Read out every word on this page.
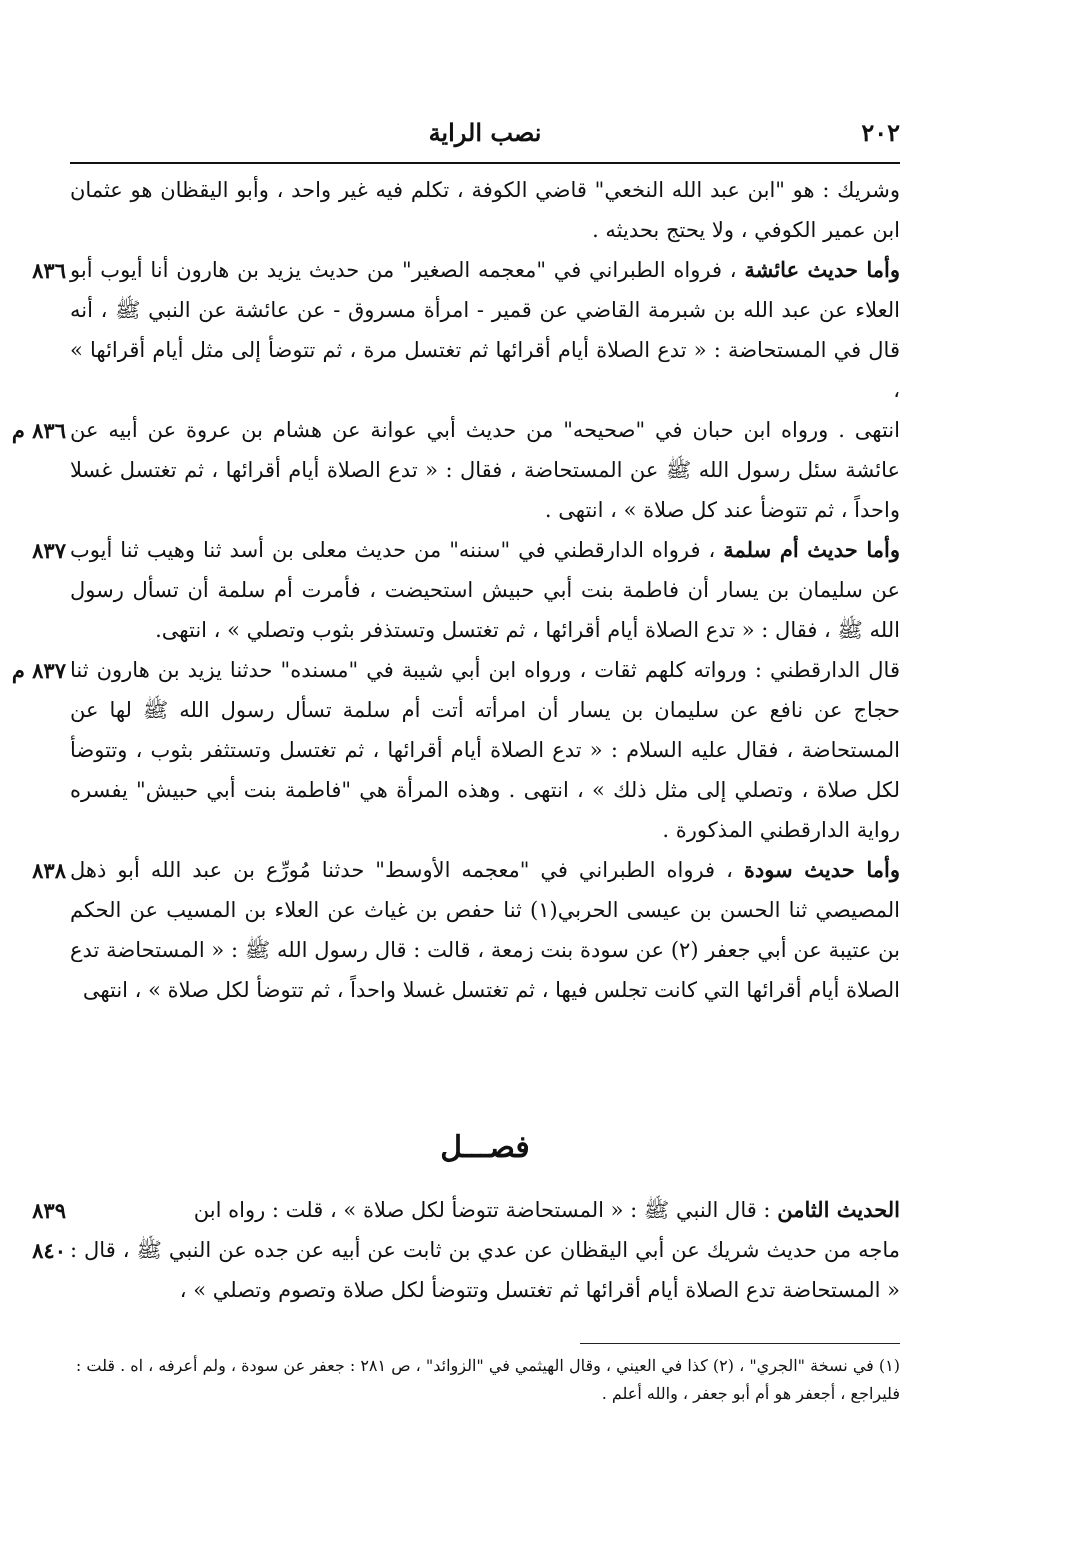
٢٠٢
نصب الراية

وشريك : هو "ابن عبد الله النخعي" قاضي الكوفة ، تكلم فيه غير واحد ، وأبو اليقظان هو عثمان ابن عمير الكوفي ، ولا يحتج بحديثه .

٨٣٦	وأما حديث عائشة ، فرواه الطبراني في "معجمه الصغير" من حديث يزيد بن هارون أنا أيوب أبو العلاء عن عبد الله بن شبرمة القاضي عن قمير - امرأة مسروق - عن عائشة عن النبي ﷺ ، أنه قال في المستحاضة : « تدع الصلاة أيام أقرائها ثم تغتسل مرة ، ثم تتوضأ إلى مثل أيام أقرائها » ،

٨٣٦ م انتهى . ورواه ابن حبان في "صحيحه" من حديث أبي عوانة عن هشام بن عروة عن أبيه عن عائشة سئل رسول الله ﷺ عن المستحاضة ، فقال : « تدع الصلاة أيام أقرائها ، ثم تغتسل غسلا واحداً ، ثم تتوضأ عند كل صلاة » ، انتهى .

٨٣٧	وأما حديث أم سلمة ، فرواه الدارقطني في "سننه" من حديث معلى بن أسد ثنا وهيب ثنا أيوب عن سليمان بن يسار أن فاطمة بنت أبي حبيش استحيضت ، فأمرت أم سلمة أن تسأل رسول الله ﷺ ، فقال : « تدع الصلاة أيام أقرائها ، ثم تغتسل وتستذفر بثوب وتصلي » ، انتهى.

٨٣٧ م قال الدارقطني : ورواته كلهم ثقات ، ورواه ابن أبي شيبة في "مسنده" حدثنا يزيد بن هارون ثنا حجاج عن نافع عن سليمان بن يسار أن امرأته أتت أم سلمة تسأل رسول الله ﷺ لها عن المستحاضة ، فقال عليه السلام : « تدع الصلاة أيام أقرائها ، ثم تغتسل وتستثفر بثوب ، وتتوضأ لكل صلاة ، وتصلي إلى مثل ذلك » ، انتهى . وهذه المرأة هي "فاطمة بنت أبي حبيش" يفسره رواية الدارقطني المذكورة .

٨٣٨	وأما حديث سودة ، فرواه الطبراني في "معجمه الأوسط" حدثنا مُورِّع بن عبد الله أبو ذهل المصيصي ثنا الحسن بن عيسى الحربي(١) ثنا حفص بن غياث عن العلاء بن المسيب عن الحكم بن عتيبة عن أبي جعفر (٢) عن سودة بنت زمعة ، قالت : قال رسول الله ﷺ : « المستحاضة تدع الصلاة أيام أقرائها التي كانت تجلس فيها ، ثم تغتسل غسلا واحداً ، ثم تتوضأ لكل صلاة » ، انتهى

فصـــل

٨٣٩	الحديث الثامن : قال النبي ﷺ : « المستحاضة تتوضأ لكل صلاة » ، قلت : رواه ابن

٨٤٠ ماجه من حديث شريك عن أبي اليقظان عن عدي بن ثابت عن أبيه عن جده عن النبي ﷺ ، قال : « المستحاضة تدع الصلاة أيام أقرائها ثم تغتسل وتتوضأ لكل صلاة وتصوم وتصلي » ،

(١) في نسخة "الجري" ، (٢) كذا في العيني ، وقال الهيثمي في "الزوائد" ، ص ٢٨١ : جعفر عن سودة ، ولم أعرفه ، اه . قلت : فليراجع ، أجعفر هو أم أبو جعفر ، والله أعلم .
